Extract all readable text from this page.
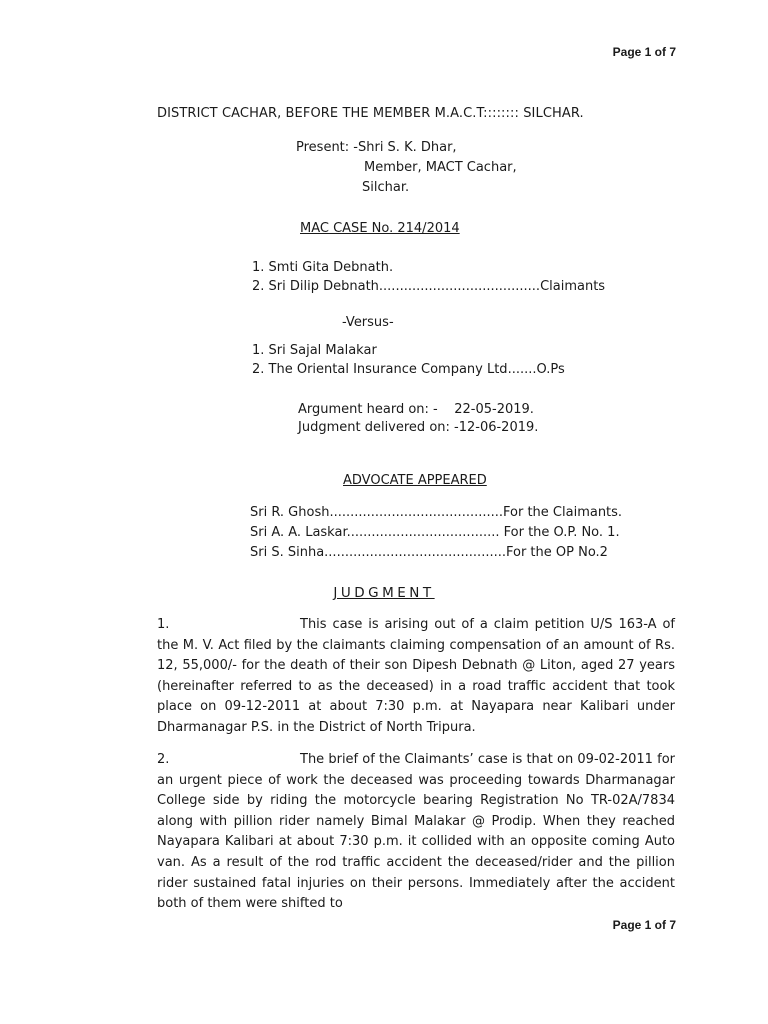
Page 1 of 7
DISTRICT CACHAR, BEFORE THE MEMBER M.A.C.T:::::::: SILCHAR.
Present: -Shri S. K. Dhar,
Member, MACT Cachar,
Silchar.
MAC CASE No. 214/2014
1. Smti Gita Debnath.
2. Sri Dilip Debnath.......................................Claimants
-Versus-
1. Sri Sajal Malakar
2. The Oriental Insurance Company Ltd.......O.Ps
Argument heard on: -    22-05-2019.
Judgment delivered on: -12-06-2019.
ADVOCATE APPEARED
Sri R. Ghosh..........................................For the Claimants.
Sri A. A. Laskar..................................... For the O.P. No. 1.
Sri S. Sinha............................................For the OP No.2
JUDGMENT
1.	This case is arising out of a claim petition U/S 163-A of the M. V. Act filed by the claimants claiming compensation of an amount of Rs. 12, 55,000/- for the death of their son Dipesh Debnath @ Liton, aged 27 years (hereinafter referred to as the deceased) in a road traffic accident that took place on 09-12-2011 at about 7:30 p.m. at Nayapara near Kalibari under Dharmanagar P.S. in the District of North Tripura.
2.	The brief of the Claimants’ case is that on 09-02-2011 for an urgent piece of work the deceased was proceeding towards Dharmanagar College side by riding the motorcycle bearing Registration No TR-02A/7834 along with pillion rider namely Bimal Malakar @ Prodip. When they reached Nayapara Kalibari at about 7:30 p.m. it collided with an opposite coming Auto van. As a result of the rod traffic accident the deceased/rider and the pillion rider sustained fatal injuries on their persons. Immediately after the accident both of them were shifted to
Page 1 of 7
